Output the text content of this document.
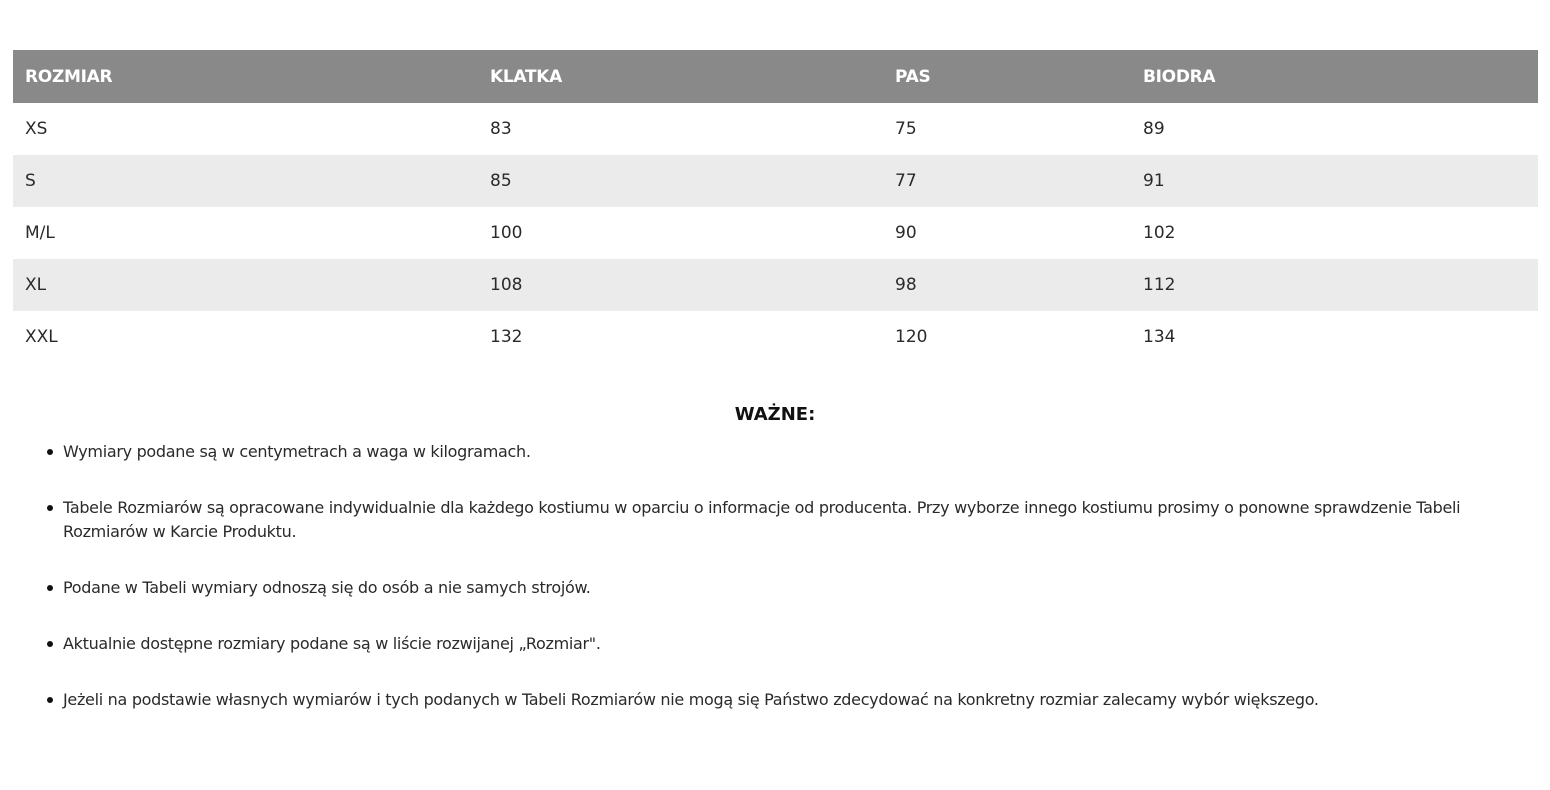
ROZMIAR	KLATKA	PAS	BIODRA
XS	83	75	89
S	85	77	91
M/L	100	90	102
XL	108	98	112
XXL	132	120	134
WAŻNE:
Wymiary podane są w centymetrach a waga w kilogramach.
Tabele Rozmiarów są opracowane indywidualnie dla każdego kostiumu w oparciu o informacje od producenta. Przy wyborze innego kostiumu prosimy o ponowne sprawdzenie Tabeli Rozmiarów w Karcie Produktu.
Podane w Tabeli wymiary odnoszą się do osób a nie samych strojów.
Aktualnie dostępne rozmiary podane są w liście rozwijanej „Rozmiar".
Jeżeli na podstawie własnych wymiarów i tych podanych w Tabeli Rozmiarów nie mogą się Państwo zdecydować na konkretny rozmiar zalecamy wybór większego.
